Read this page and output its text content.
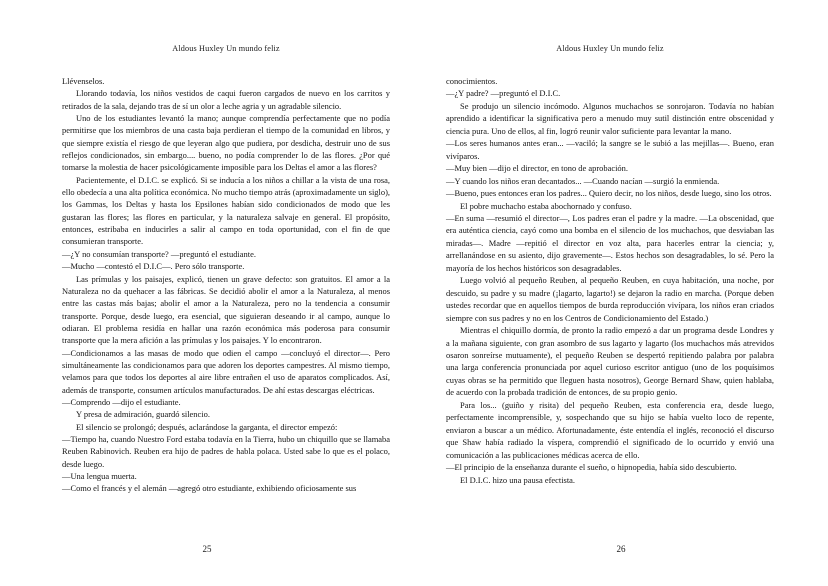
Aldous Huxley Un mundo feliz

Llévenselos.

Llorando todavía, los niños vestidos de caqui fueron cargados de nuevo en los carritos y retirados de la sala, dejando tras de sí un olor a leche agria y un agradable silencio.

Uno de los estudiantes levantó la mano; aunque comprendía perfectamente que no podía permitirse que los miembros de una casta baja perdieran el tiempo de la comunidad en libros, y que siempre existía el riesgo de que leyeran algo que pudiera, por desdicha, destruir uno de sus reflejos condicionados, sin embargo.... bueno, no podía comprender lo de las flores. ¿Por qué tomarse la molestia de hacer psicológicamente imposible para los Deltas el amor a las flores?

Pacientemente, el D.I.C. se explicó. Si se inducía a los niños a chillar a la vista de una rosa, ello obedecía a una alta política económica. No mucho tiempo atrás (aproximadamente un siglo), los Gammas, los Deltas y hasta los Epsilones habían sido condicionados de modo que les gustaran las flores; las flores en particular, y la naturaleza salvaje en general. El propósito, entonces, estribaba en inducirles a salir al campo en toda oportunidad, con el fin de que consumieran transporte.

—¿Y no consumían transporte? —preguntó el estudiante.

—Mucho —contestó el D.I.C—. Pero sólo transporte.

Las prímulas y los paisajes, explicó, tienen un grave defecto: son gratuitos. El amor a la Naturaleza no da quehacer a las fábricas. Se decidió abolir el amor a la Naturaleza, al menos entre las castas más bajas; abolir el amor a la Naturaleza, pero no la tendencia a consumir transporte. Porque, desde luego, era esencial, que siguieran deseando ir al campo, aunque lo odiaran. El problema residía en hallar una razón económica más poderosa para consumir transporte que la mera afición a las prímulas y los paisajes. Y lo encontraron.

—Condicionamos a las masas de modo que odien el campo —concluyó el director—. Pero simultáneamente las condicionamos para que adoren los deportes campestres. Al mismo tiempo, velamos para que todos los deportes al aire libre entrañen el uso de aparatos complicados. Así, además de transporte, consumen artículos manufacturados. De ahí estas descargas eléctricas.

—Comprendo —dijo el estudiante.

Y presa de admiración, guardó silencio.

El silencio se prolongó; después, aclarándose la garganta, el director empezó:

—Tiempo ha, cuando Nuestro Ford estaba todavía en la Tierra, hubo un chiquillo que se llamaba Reuben Rabinovich. Reuben era hijo de padres de habla polaca. Usted sabe lo que es el polaco, desde luego.

—Una lengua muerta.

—Como el francés y el alemán —agregó otro estudiante, exhibiendo oficiosamente sus

25
Aldous Huxley Un mundo feliz

conocimientos.

—¿Y padre? —preguntó el D.I.C.

Se produjo un silencio incómodo. Algunos muchachos se sonrojaron. Todavía no habían aprendido a identificar la significativa pero a menudo muy sutil distinción entre obscenidad y ciencia pura. Uno de ellos, al fin, logró reunir valor suficiente para levantar la mano.

—Los seres humanos antes eran... —vaciló; la sangre se le subió a las mejillas—. Bueno, eran vivíparos.

—Muy bien —dijo el director, en tono de aprobación.

—Y cuando los niños eran decantados... —Cuando nacían —surgió la enmienda.

—Bueno, pues entonces eran los padres... Quiero decir, no los niños, desde luego, sino los otros.

El pobre muchacho estaba abochornado y confuso.

—En suma —resumió el director—, Los padres eran el padre y la madre. —La obscenidad, que era auténtica ciencia, cayó como una bomba en el silencio de los muchachos, que desviaban las miradas—. Madre —repitió el director en voz alta, para hacerles entrar la ciencia; y, arrellanándose en su asiento, dijo gravemente—. Estos hechos son desagradables, lo sé. Pero la mayoría de los hechos históricos son desagradables.

Luego volvió al pequeño Reuben, al pequeño Reuben, en cuya habitación, una noche, por descuido, su padre y su madre (¡lagarto, lagarto!) se dejaron la radio en marcha. (Porque deben ustedes recordar que en aquellos tiempos de burda reproducción vivípara, los niños eran criados siempre con sus padres y no en los Centros de Condicionamiento del Estado.)

Mientras el chiquillo dormía, de pronto la radio empezó a dar un programa desde Londres y a la mañana siguiente, con gran asombro de sus lagarto y lagarto (los muchachos más atrevidos osaron sonreírse mutuamente), el pequeño Reuben se despertó repitiendo palabra por palabra una larga conferencia pronunciada por aquel curioso escritor antiguo (uno de los poquísimos cuyas obras se ha permitido que lleguen hasta nosotros), George Bernard Shaw, quien hablaba, de acuerdo con la probada tradición de entonces, de su propio genio.

Para los... (guiño y risita) del pequeño Reuben, esta conferencia era, desde luego, perfectamente incomprensible, y, sospechando que su hijo se había vuelto loco de repente, enviaron a buscar a un médico. Afortunadamente, éste entendía el inglés, reconoció el discurso que Shaw había radiado la víspera, comprendió el significado de lo ocurrido y envió una comunicación a las publicaciones médicas acerca de ello.

—El principio de la enseñanza durante el sueño, o hipnopedia, había sido descubierto.

El D.I.C. hizo una pausa efectista.

26
